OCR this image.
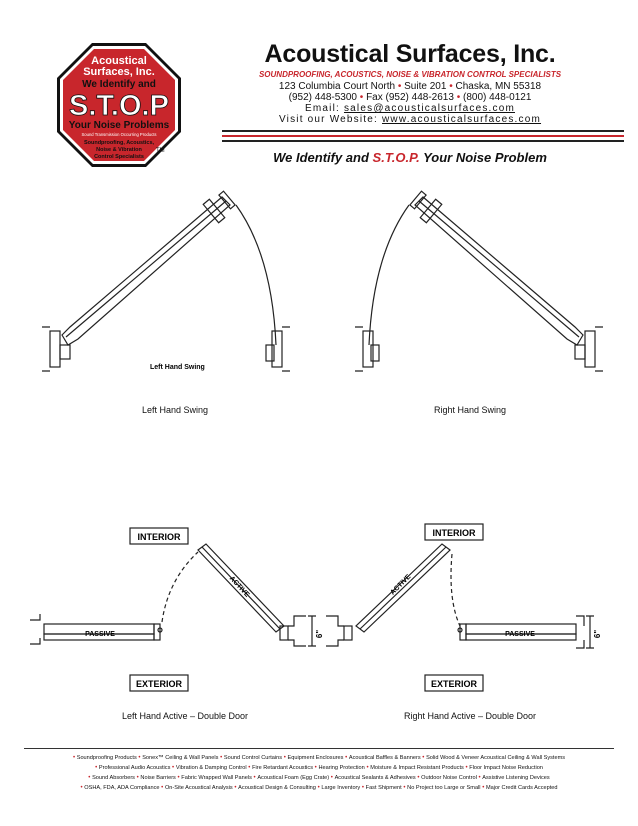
Acoustical
Surfaces, Inc.
We Identify and
S.T.O.P
Your Noise Problems
Sound Transmission Occurring Products
Soundproofing, Acoustics,
Noise & Vibration
Control Specialists
TM
Acoustical Surfaces, Inc.
SOUNDPROOFING, ACOUSTICS, NOISE & VIBRATION CONTROL SPECIALISTS
123 Columbia Court North • Suite 201 • Chaska, MN 55318
(952) 448-5300 • Fax (952) 448-2613 • (800) 448-0121
Email: sales@acousticalsurfaces.com
Visit our Website: www.acousticalsurfaces.com
We Identify and S.T.O.P. Your Noise Problem
Left Hand Swing
Left Hand Swing	Right Hand Swing
INTERIOR
EXTERIOR
PASSIVE
ACTIVE
6"
Left Hand Active – Double Door
INTERIOR
EXTERIOR
PASSIVE
ACTIVE
6"
Right Hand Active – Double Door
• Soundproofing Products • Sonex™ Ceiling & Wall Panels • Sound Control Curtains • Equipment Enclosures • Acoustical Baffles & Banners • Solid Wood & Veneer Acoustical Ceiling & Wall Systems
• Professional Audio Acoustics • Vibration & Damping Control • Fire Retardant Acoustics • Hearing Protection • Moisture & Impact Resistant Products • Floor Impact Noise Reduction
• Sound Absorbers • Noise Barriers • Fabric Wrapped Wall Panels • Acoustical Foam (Egg Crate) • Acoustical Sealants & Adhesives • Outdoor Noise Control • Assistive Listening Devices
• OSHA, FDA, ADA Compliance • On-Site Acoustical Analysis • Acoustical Design & Consulting • Large Inventory • Fast Shipment • No Project too Large or Small • Major Credit Cards Accepted
